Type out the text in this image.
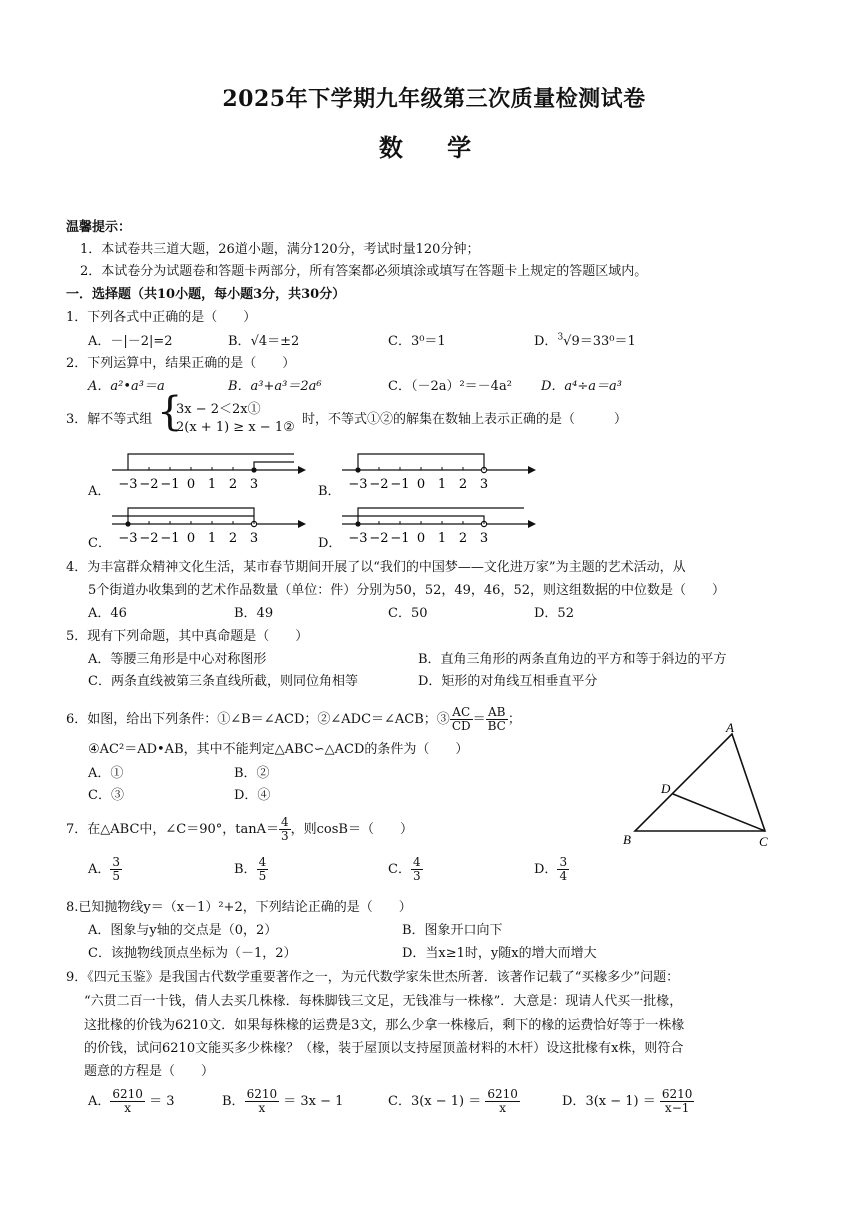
2025年下学期九年级第三次质量检测试卷
数 学
温馨提示：
1．本试卷共三道大题，26道小题，满分120分，考试时量120分钟；
2．本试卷分为试题卷和答题卡两部分，所有答案都必须填涂或填写在答题卡上规定的答题区域内。
一．选择题（共10小题，每小题3分，共30分）
1．下列各式中正确的是（　　）
A．－|－2|=2	B．√4＝±2	C．3⁰＝1	D．$^3$√9＝33⁰＝1
2．下列运算中，结果正确的是（　　）
A．a²•a³＝a	B．a³+a³＝2a⁶	C．（－2a）²＝－4a² D．a⁴÷a＝a³
3．解不等式组 {
3x − 2＜2x①
2(x + 1) ≥ x − 1②
时，不等式①②的解集在数轴上表示正确的是（　　　）
A． −3 −2 −1 0 1 2 3	B． −3 −2 −1 0 1 2 3
C． −3 −2 −1 0 1 2 3	D． −3 −2 −1 0 1 2 3
4．为丰富群众精神文化生活，某市春节期间开展了以“我们的中国梦——文化进万家”为主题的艺术活动，从
5个街道办收集到的艺术作品数量（单位：件）分别为50，52，49，46，52，则这组数据的中位数是（　　）
A．46	B．49	C．50	D．52
5．现有下列命题，其中真命题是（　　）
A．等腰三角形是中心对称图形	B．直角三角形的两条直角边的平方和等于斜边的平方
C．两条直线被第三条直线所截，则同位角相等	D．矩形的对角线互相垂直平分
6．如图，给出下列条件：①∠B＝∠ACD；②∠ADC＝∠ACB；③ $\frac{AC}{CD} = \frac{AB}{BC}$ ；
④AC²＝AD•AB，其中不能判定△ABC∽△ACD的条件为（　　）
A．①	B．②
C．③	D．④
A
B	C
D
7．在△ABC中，∠C＝90°，$\tan A= \frac{4}{3}$ ，则cosB＝（　　）
A． $\frac{3}{5}$	B． $\frac{4}{5}$	C． $\frac{4}{3}$	D． $\frac{3}{4}$
8.已知抛物线y＝（x－1）²+2，下列结论正确的是（　　）
A．图象与y轴的交点是（0，2）	B．图象开口向下
C．该抛物线顶点坐标为（－1，2）	D．当x≥1时，y随x的增大而增大
9．《四元玉鉴》是我国古代数学重要著作之一，为元代数学家朱世杰所著．该著作记载了“买椽多少”问题：
“六贯二百一十钱，倩人去买几株椽．每株脚钱三文足，无钱准与一株椽”．大意是：现请人代买一批椽，
这批椽的价钱为6210文．如果每株椽的运费是3文，那么少拿一株椽后，剩下的椽的运费恰好等于一株椽
的价钱，试问6210文能买多少株椽？（椽，装于屋顶以支持屋顶盖材料的木杆）设这批椽有x株，则符合
题意的方程是（　　）
A． $\frac{6210}{x} = 3$	B． $\frac{6210}{x} = 3x - 1$	C．$3(x - 1) = \frac{6210}{x}$	D．$3(x - 1) = \frac{6210}{x-1}$
